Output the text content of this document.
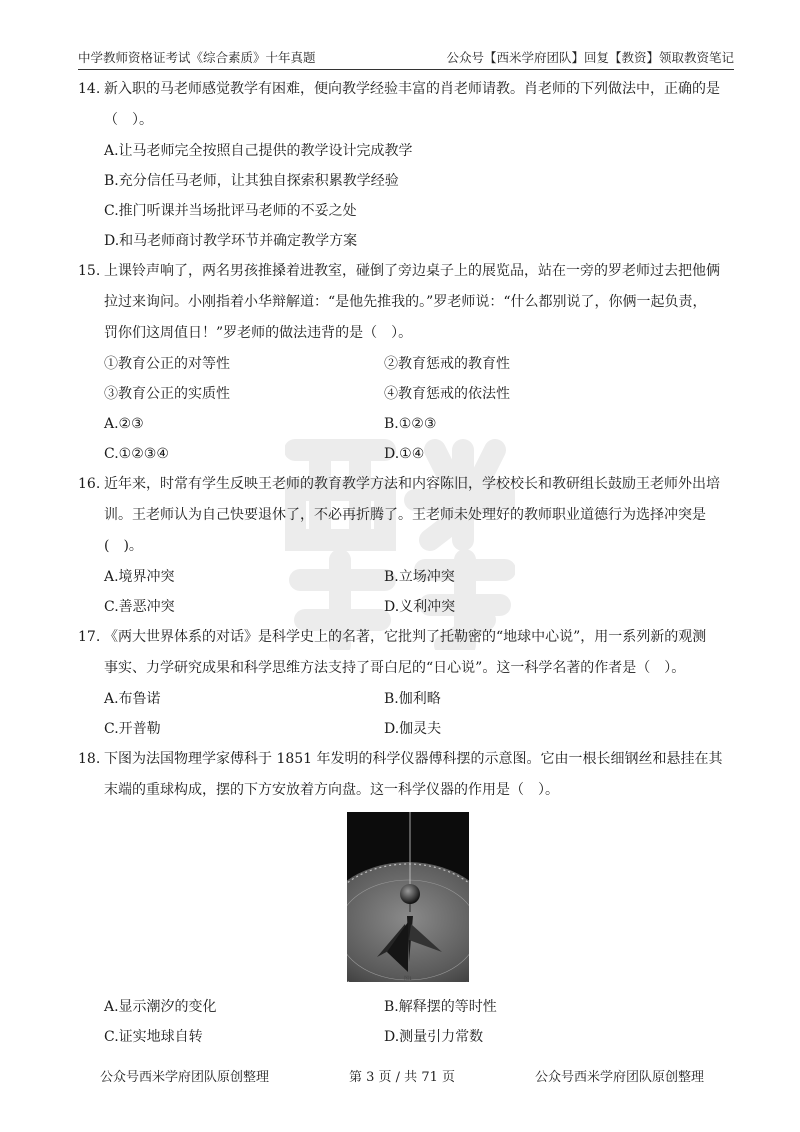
中学教师资格证考试《综合素质》十年真题	公众号【西米学府团队】回复【教资】领取教资笔记
14. 新入职的马老师感觉教学有困难，便向教学经验丰富的肖老师请教。肖老师的下列做法中，正确的是
（　）。
A.让马老师完全按照自己提供的教学设计完成教学
B.充分信任马老师，让其独自探索积累教学经验
C.推门听课并当场批评马老师的不妥之处
D.和马老师商讨教学环节并确定教学方案
15. 上课铃声响了，两名男孩推搡着进教室，碰倒了旁边桌子上的展览品，站在一旁的罗老师过去把他俩
拉过来询问。小刚指着小华辩解道：“是他先推我的。”罗老师说：“什么都别说了，你俩一起负责，
罚你们这周值日！”罗老师的做法违背的是（　）。
①教育公正的对等性	②教育惩戒的教育性
③教育公正的实质性	④教育惩戒的依法性
A.②③	B.①②③
C.①②③④	D.①④
16. 近年来，时常有学生反映王老师的教育教学方法和内容陈旧，学校校长和教研组长鼓励王老师外出培
训。王老师认为自己快要退休了，不必再折腾了。王老师未处理好的教师职业道德行为选择冲突是(　)。
A.境界冲突	B.立场冲突
C.善恶冲突	D.义利冲突
17. 《两大世界体系的对话》是科学史上的名著，它批判了托勒密的“地球中心说”，用一系列新的观测
事实、力学研究成果和科学思维方法支持了哥白尼的“日心说”。这一科学名著的作者是（　）。
A.布鲁诺	B.伽利略
C.开普勒	D.伽灵夫
18. 下图为法国物理学家傅科于 1851 年发明的科学仪器傅科摆的示意图。它由一根长细钢丝和悬挂在其
末端的重球构成，摆的下方安放着方向盘。这一科学仪器的作用是（　）。
图1
A.显示潮汐的变化	B.解释摆的等时性
C.证实地球自转	D.测量引力常数
公众号西米学府团队原创整理	第 3 页 / 共 71 页	公众号西米学府团队原创整理
